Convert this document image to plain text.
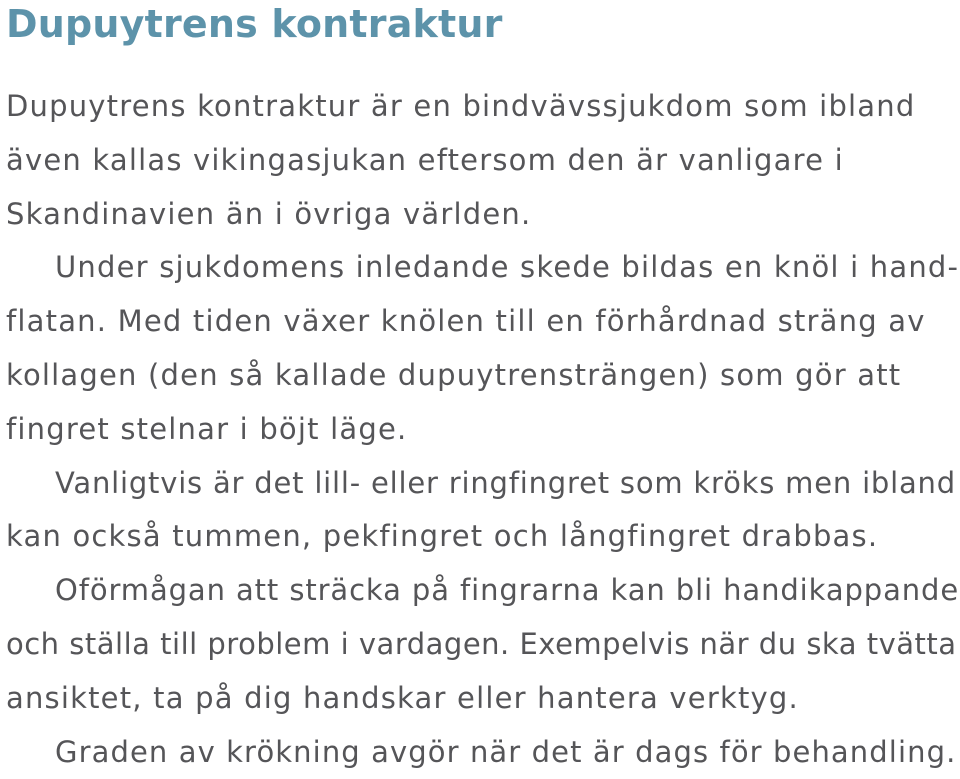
Dupuytrens kontraktur
Dupuytrens kontraktur är en bindvävssjukdom som ibland
även kallas vikingasjukan eftersom den är vanligare i
Skandinavien än i övriga världen.
Under sjukdomens inledande skede bildas en knöl i hand-
flatan. Med tiden växer knölen till en förhårdnad sträng av
kollagen (den så kallade dupuytrensträngen) som gör att
fingret stelnar i böjt läge.
Vanligtvis är det lill- eller ringfingret som kröks men ibland
kan också tummen, pekfingret och långfingret drabbas.
Oförmågan att sträcka på fingrarna kan bli handikappande
och ställa till problem i vardagen. Exempelvis när du ska tvätta
ansiktet, ta på dig handskar eller hantera verktyg.
Graden av krökning avgör när det är dags för behandling.
